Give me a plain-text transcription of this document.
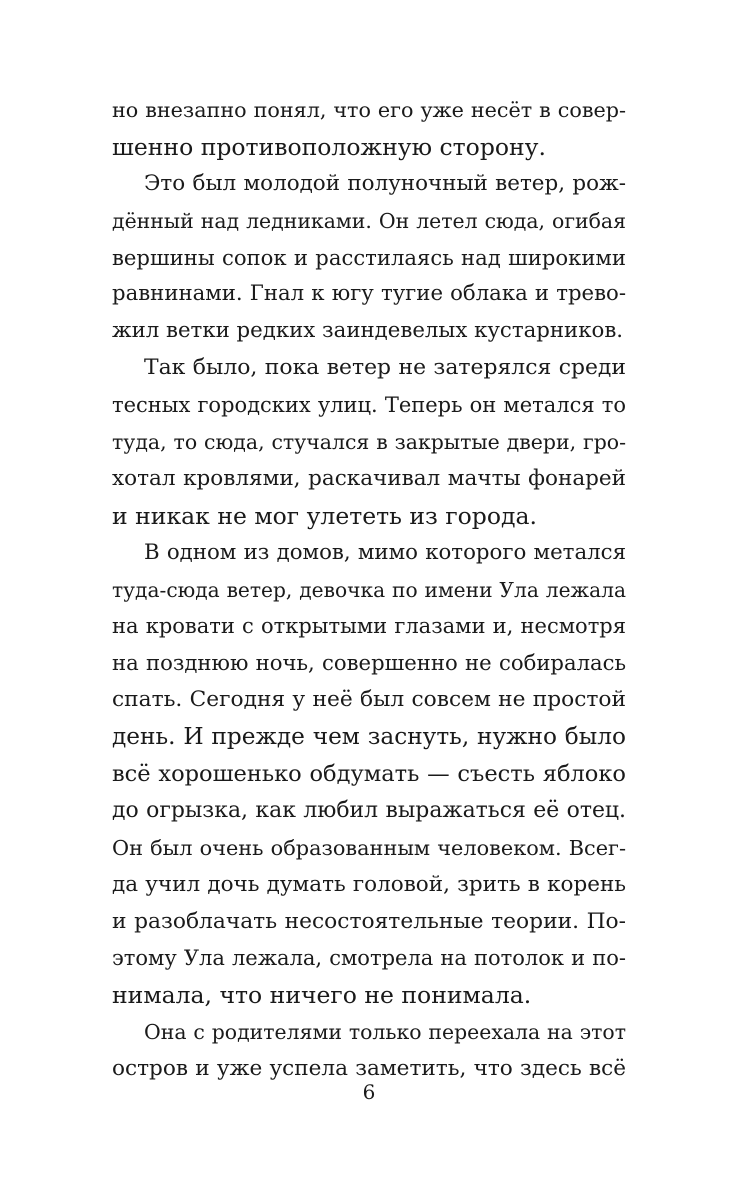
но внезапно понял, что его уже несёт в совер-
шенно противоположную сторону.
Это был молодой полуночный ветер, рож-
дённый над ледниками. Он летел сюда, огибая
вершины сопок и расстилаясь над широкими
равнинами. Гнал к югу тугие облака и трево-
жил ветки редких заиндевелых кустарников.
Так было, пока ветер не затерялся среди
тесных городских улиц. Теперь он метался то
туда, то сюда, стучался в закрытые двери, гро-
хотал кровлями, раскачивал мачты фонарей
и никак не мог улететь из города.
В одном из домов, мимо которого метался
туда-сюда ветер, девочка по имени Ула лежала
на кровати с открытыми глазами и, несмотря
на позднюю ночь, совершенно не собиралась
спать. Сегодня у неё был совсем не простой
день. И прежде чем заснуть, нужно было
всё хорошенько обдумать — съесть яблоко
до огрызка, как любил выражаться её отец.
Он был очень образованным человеком. Всег-
да учил дочь думать головой, зрить в корень
и разоблачать несостоятельные теории. По-
этому Ула лежала, смотрела на потолок и по-
нимала, что ничего не понимала.
Она с родителями только переехала на этот
остров и уже успела заметить, что здесь всё
6
